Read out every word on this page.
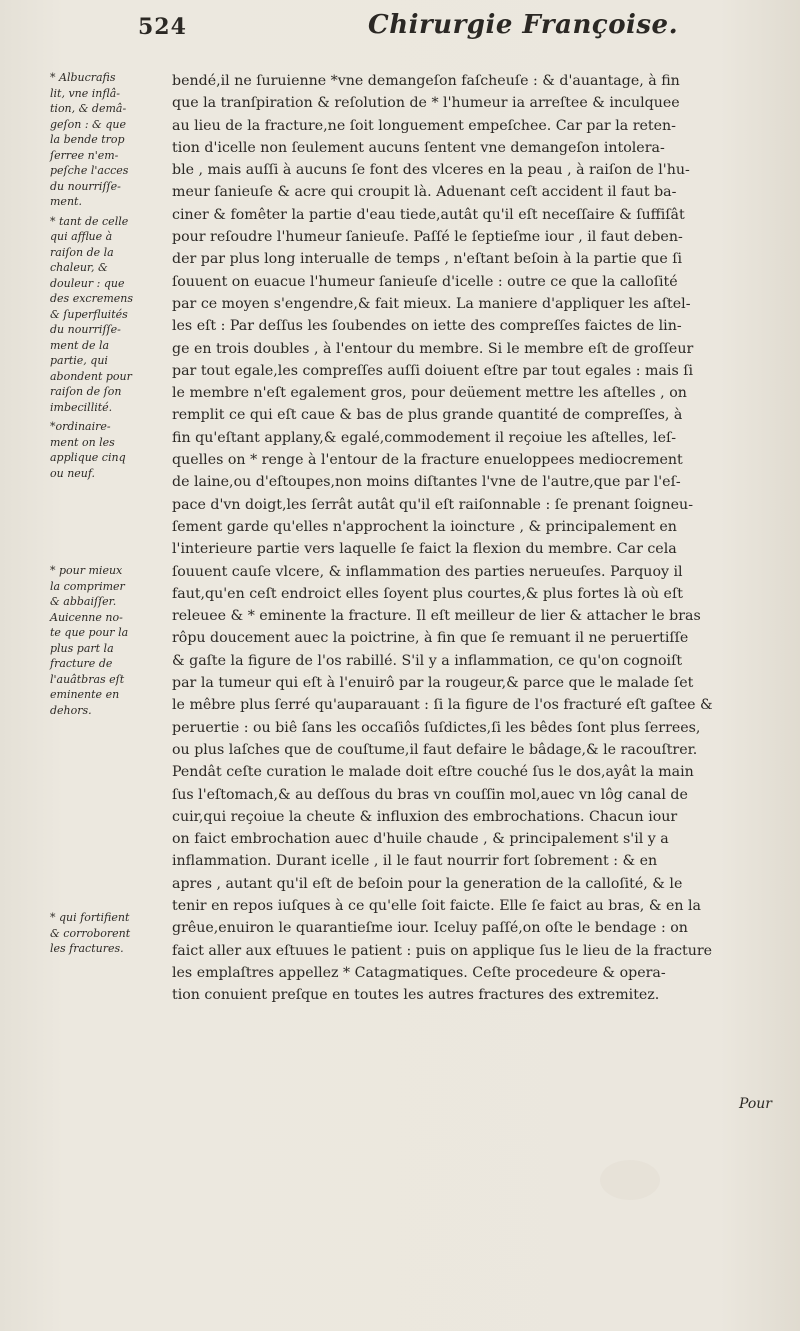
524	Chirurgie Françoise.

* Albucrafis
lit, vne inflâ-
tion, & demâ-
geſon : & que
la bende trop
ſerree n'em-
peſche l'acces
du nourriſſe-
ment.

* tant de celle
qui afflue à
raiſon de la
chaleur, &
douleur : que
des excremens
& ſuperfluités
du nourriſſe-
ment de la
partie, qui
abondent pour
raiſon de ſon
imbecillité.

*ordinaire-
ment on les
applique cinq
ou neuf.

* pour mieux
la comprimer
& abbaiſſer.
Auicenne no-
te que pour la
plus part la
fracture de
l'auâtbras eſt
eminente en
dehors.

* qui fortifient
& corroborent
les fractures.

bendé,il ne ſuruienne *vne demangeſon faſcheuſe : & d'auantage, à fin
que la tranſpiration & reſolution de * l'humeur ia arreſtee & inculquee
au lieu de la fracture,ne ſoit longuement empeſchee. Car par la reten-
tion d'icelle non ſeulement aucuns ſentent vne demangeſon intolera-
ble , mais auſſi à aucuns ſe font des vlceres en la peau , à raiſon de l'hu-
meur ſanieuſe & acre qui croupit là. Aduenant ceſt accident il faut ba-
ciner & fomêter la partie d'eau tiede,autât qu'il eſt neceſſaire & ſuffiſât
pour reſoudre l'humeur ſanieuſe. Paſſé le ſeptieſme iour , il faut deben-
der par plus long interualle de temps , n'eſtant beſoin à la partie que ſi
ſouuent on euacue l'humeur ſanieuſe d'icelle : outre ce que la calloſité
par ce moyen s'engendre,& fait mieux. La maniere d'appliquer les aſtel-
les eſt : Par deſſus les ſoubendes on iette des compreſſes faictes de lin-
ge en trois doubles , à l'entour du membre. Si le membre eſt de groſſeur
par tout egale,les compreſſes auſſi doiuent eſtre par tout egales : mais ſi
le membre n'eſt egalement gros, pour deüement mettre les aſtelles , on
remplit ce qui eſt caue & bas de plus grande quantité de compreſſes, à
fin qu'eſtant applany,& egalé,commodement il reçoiue les aſtelles, leſ-
quelles on * renge à l'entour de la fracture enueloppees mediocrement
de laine,ou d'eſtoupes,non moins diſtantes l'vne de l'autre,que par l'eſ-
pace d'vn doigt,les ſerrât autât qu'il eſt raiſonnable : ſe prenant ſoigneu-
ſement garde qu'elles n'approchent la ioincture , & principalement en
l'interieure partie vers laquelle ſe faict la flexion du membre. Car cela
ſouuent cauſe vlcere, & inflammation des parties nerueuſes. Parquoy il
faut,qu'en ceſt endroict elles ſoyent plus courtes,& plus fortes là où eſt
releuee & * eminente la fracture. Il eſt meilleur de lier & attacher le bras
rôpu doucement auec la poictrine, à fin que ſe remuant il ne peruertiſſe
& gaſte la figure de l'os rabillé. S'il y a inflammation, ce qu'on cognoiſt
par la tumeur qui eſt à l'enuirô par la rougeur,& parce que le malade ſet
le mêbre plus ſerré qu'auparauant : ſi la figure de l'os fracturé eſt gaſtee &
peruertie : ou biê ſans les occaſiôs ſuſdictes,ſi les bêdes ſont plus ſerrees,
ou plus laſches que de couſtume,il faut defaire le bâdage,& le racouſtrer.
Pendât ceſte curation le malade doit eſtre couché ſus le dos,ayât la main
ſus l'eſtomach,& au deſſous du bras vn couſſin mol,auec vn lôg canal de
cuir,qui reçoiue la cheute & influxion des embrochations. Chacun iour
on faict embrochation auec d'huile chaude , & principalement s'il y a
inflammation. Durant icelle , il le faut nourrir fort ſobrement : & en
apres , autant qu'il eſt de beſoin pour la generation de la calloſité, & le
tenir en repos iuſques à ce qu'elle ſoit faicte. Elle ſe faict au bras, & en la
grêue,enuiron le quarantieſme iour. Iceluy paſſé,on oſte le bendage : on
faict aller aux eſtuues le patient : puis on applique ſus le lieu de la fracture
les emplaſtres appellez * Catagmatiques. Ceſte procedeure & opera-
tion conuient preſque en toutes les autres fractures des extremitez.
Pour
